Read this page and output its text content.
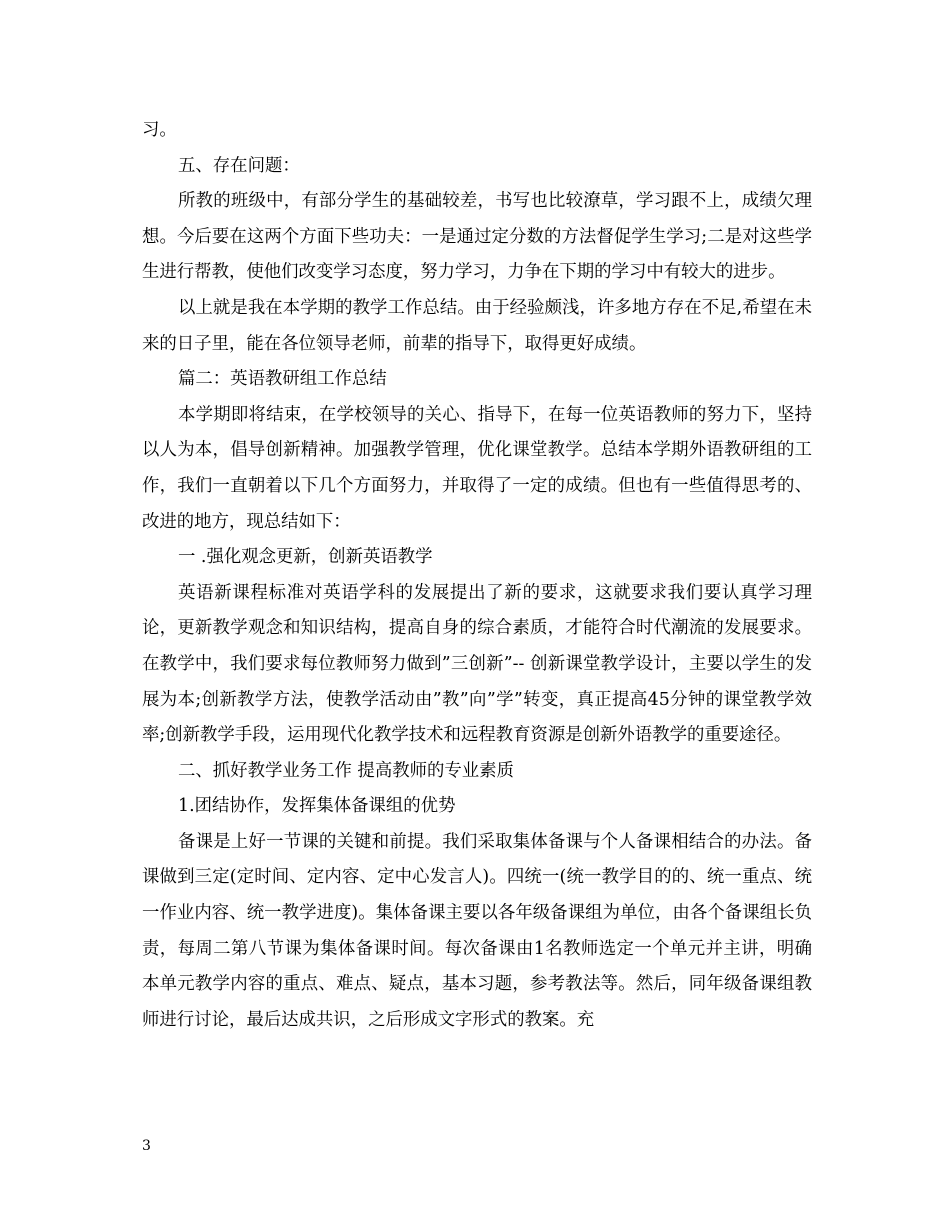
习。

五、存在问题：

所教的班级中，有部分学生的基础较差，书写也比较潦草，学习跟不上，成绩欠理想。今后要在这两个方面下些功夫：一是通过定分数的方法督促学生学习;二是对这些学生进行帮教，使他们改变学习态度，努力学习，力争在下期的学习中有较大的进步。

以上就是我在本学期的教学工作总结。由于经验颇浅，许多地方存在不足,希望在未来的日子里，能在各位领导老师，前辈的指导下，取得更好成绩。

篇二：英语教研组工作总结

本学期即将结束，在学校领导的关心、指导下，在每一位英语教师的努力下，坚持以人为本，倡导创新精神。加强教学管理，优化课堂教学。总结本学期外语教研组的工作，我们一直朝着以下几个方面努力，并取得了一定的成绩。但也有一些值得思考的、改进的地方，现总结如下：

一 .强化观念更新，创新英语教学

英语新课程标准对英语学科的发展提出了新的要求，这就要求我们要认真学习理论，更新教学观念和知识结构，提高自身的综合素质，才能符合时代潮流的发展要求。在教学中，我们要求每位教师努力做到”三创新”-- 创新课堂教学设计，主要以学生的发展为本;创新教学方法，使教学活动由”教”向”学”转变，真正提高45分钟的课堂教学效率;创新教学手段，运用现代化教学技术和远程教育资源是创新外语教学的重要途径。

二、抓好教学业务工作 提高教师的专业素质

1.团结协作，发挥集体备课组的优势

备课是上好一节课的关键和前提。我们采取集体备课与个人备课相结合的办法。备课做到三定(定时间、定内容、定中心发言人)。四统一(统一教学目的的、统一重点、统一作业内容、统一教学进度)。集体备课主要以各年级备课组为单位，由各个备课组长负责，每周二第八节课为集体备课时间。每次备课由1名教师选定一个单元并主讲，明确本单元教学内容的重点、难点、疑点，基本习题，参考教法等。然后，同年级备课组教师进行讨论，最后达成共识，之后形成文字形式的教案。充

3
